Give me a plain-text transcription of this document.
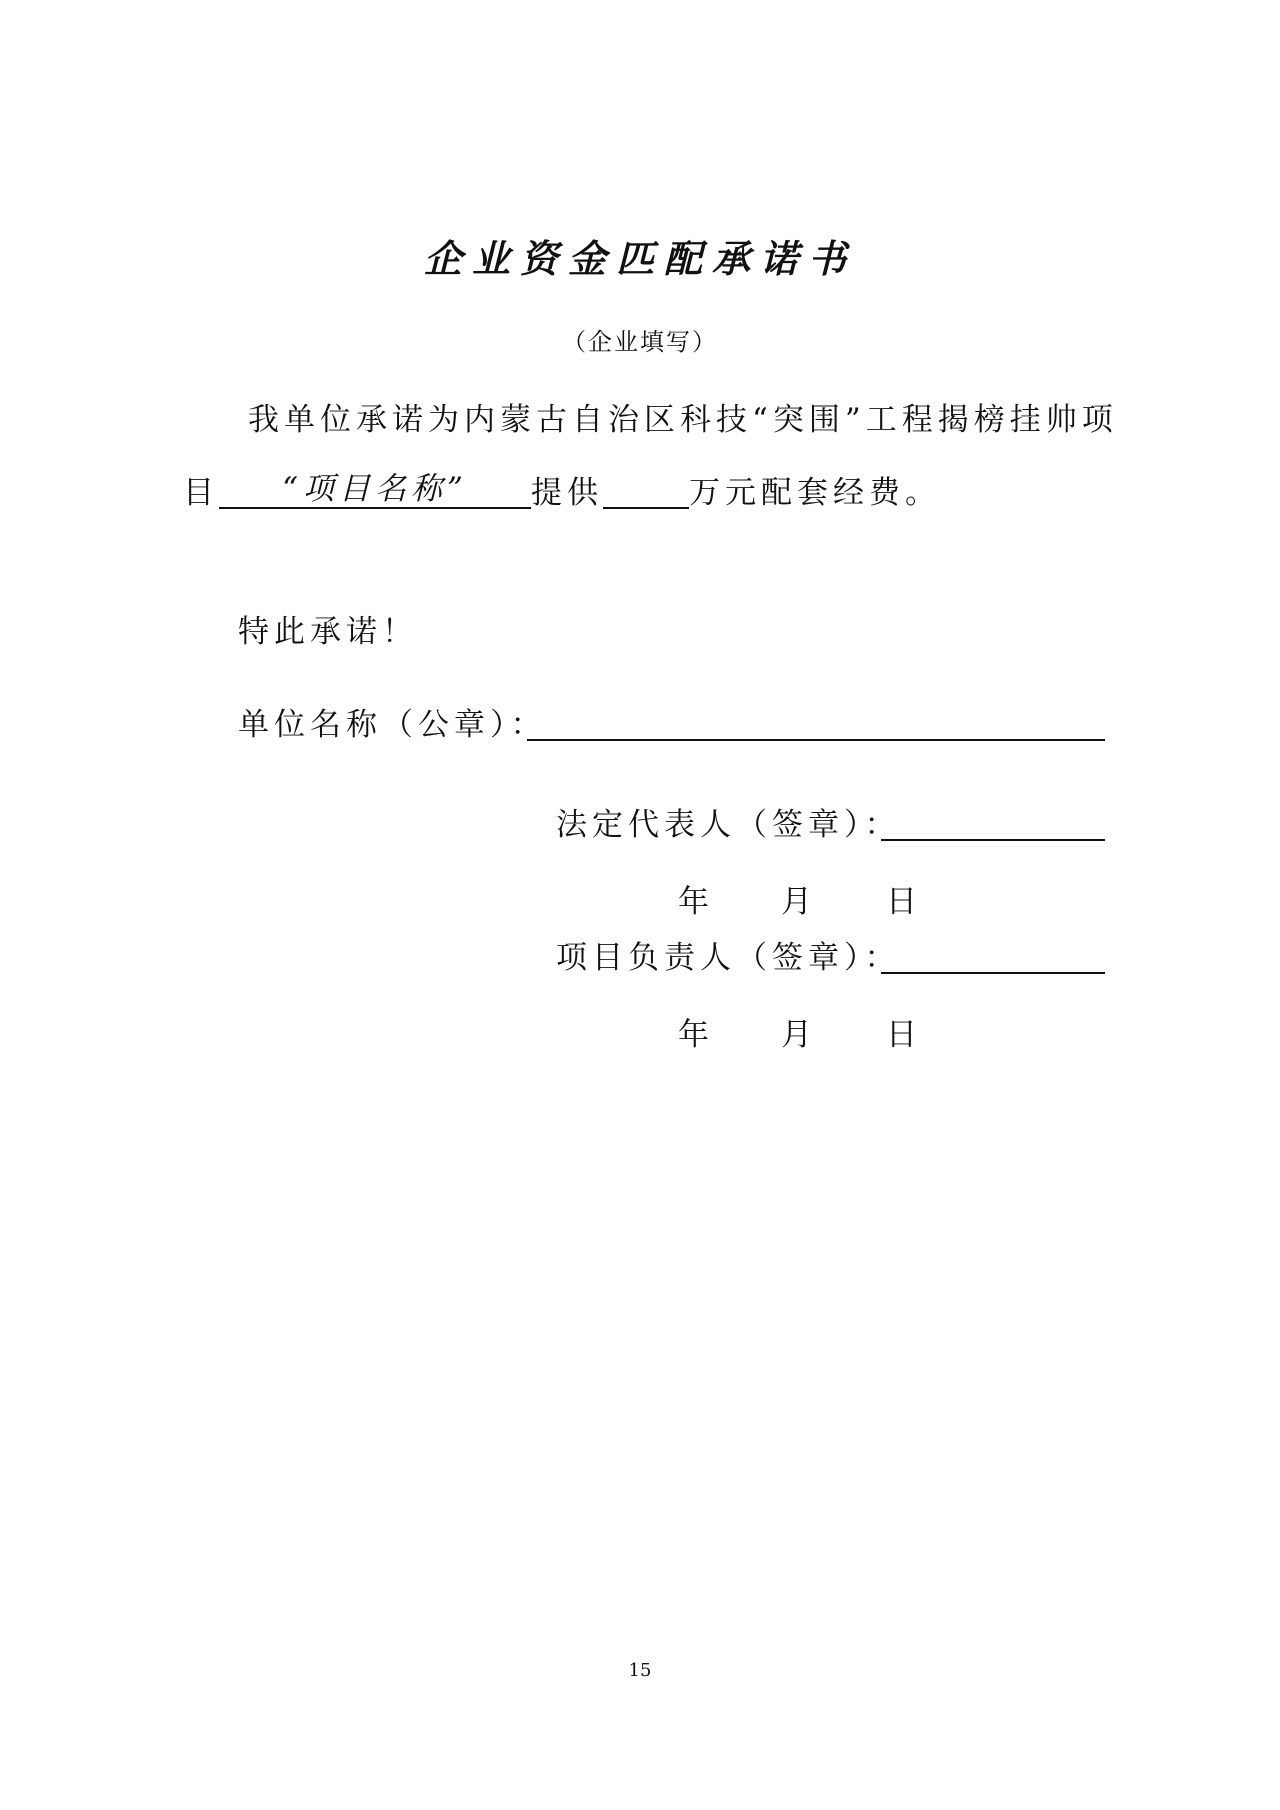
企业资金匹配承诺书
（企业填写）
我单位承诺为内蒙古自治区科技“突围”工程揭榜挂帅项
目	“项目名称”	提供	万元配套经费。
特此承诺！
单位名称（公章）：
法定代表人（签章）：
年 月 日
项目负责人（签章）：
年 月 日
15
